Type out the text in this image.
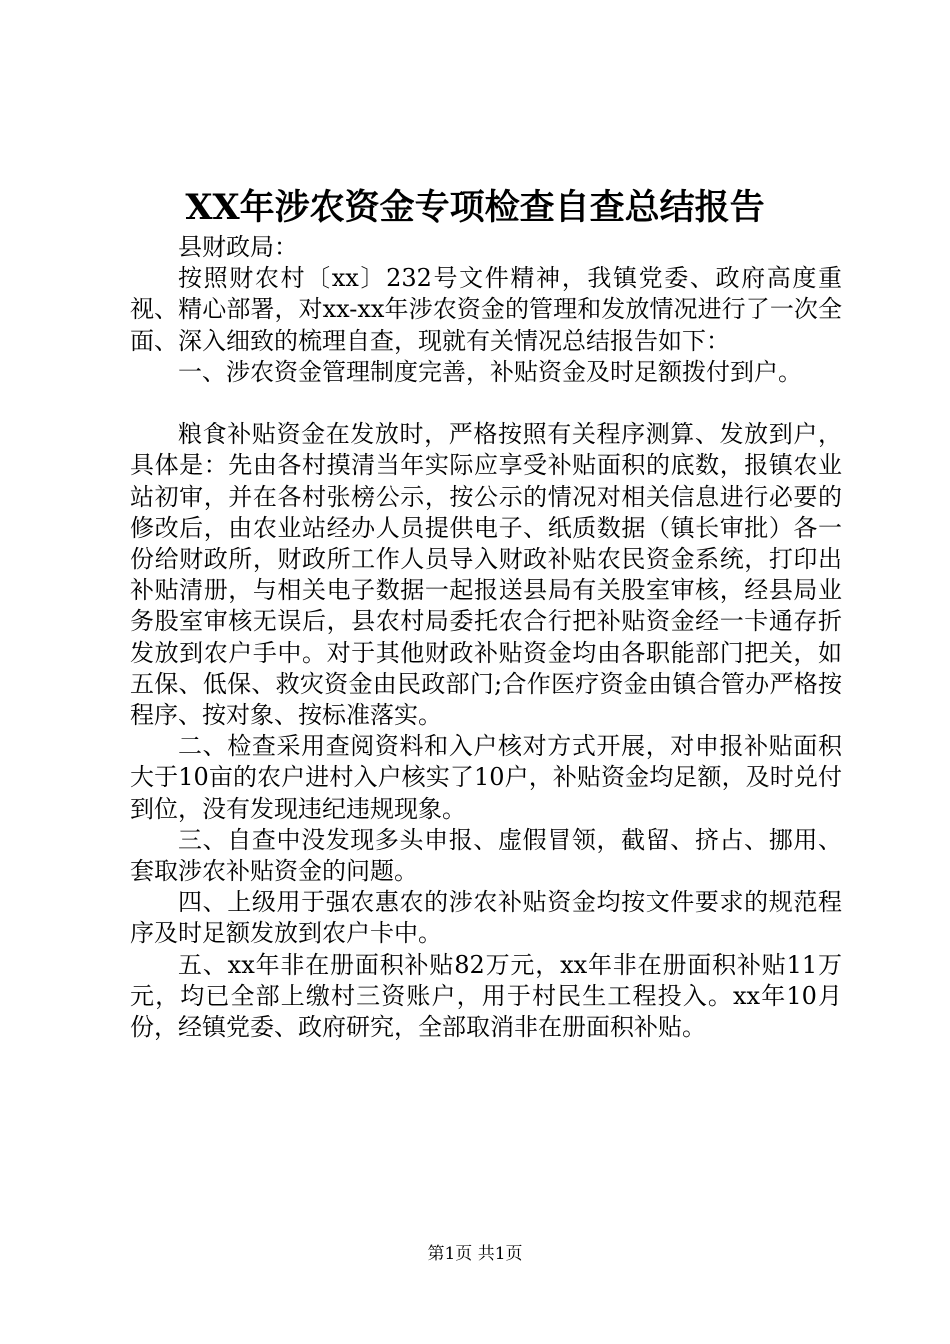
XX年涉农资金专项检查自查总结报告

县财政局：

按照财农村〔xx〕232号文件精神，我镇党委、政府高度重视、精心部署，对xx-xx年涉农资金的管理和发放情况进行了一次全面、深入细致的梳理自查，现就有关情况总结报告如下：

一、涉农资金管理制度完善，补贴资金及时足额拨付到户。

粮食补贴资金在发放时，严格按照有关程序测算、发放到户，具体是：先由各村摸清当年实际应享受补贴面积的底数，报镇农业站初审，并在各村张榜公示，按公示的情况对相关信息进行必要的修改后，由农业站经办人员提供电子、纸质数据（镇长审批）各一份给财政所，财政所工作人员导入财政补贴农民资金系统，打印出补贴清册，与相关电子数据一起报送县局有关股室审核，经县局业务股室审核无误后，县农村局委托农合行把补贴资金经一卡通存折发放到农户手中。对于其他财政补贴资金均由各职能部门把关，如五保、低保、救灾资金由民政部门;合作医疗资金由镇合管办严格按程序、按对象、按标准落实。

二、检查采用查阅资料和入户核对方式开展，对申报补贴面积大于10亩的农户进村入户核实了10户，补贴资金均足额，及时兑付到位，没有发现违纪违规现象。

三、自查中没发现多头申报、虚假冒领，截留、挤占、挪用、套取涉农补贴资金的问题。

四、上级用于强农惠农的涉农补贴资金均按文件要求的规范程序及时足额发放到农户卡中。

五、xx年非在册面积补贴82万元，xx年非在册面积补贴11万元，均已全部上缴村三资账户，用于村民生工程投入。xx年10月份，经镇党委、政府研究，全部取消非在册面积补贴。

第1页 共1页
